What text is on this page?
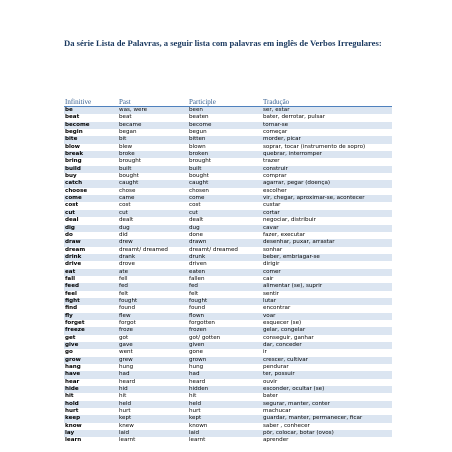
Da série Lista de Palavras, a seguir lista com palavras em inglês de Verbos Irregulares:
Infinitive	Past	Participle	Tradução
be	was, were	been	ser, estar
beat	beat	beaten	bater, derrotar, pulsar
become	became	become	tornar-se
begin	began	begun	começar
bite	bit	bitten	morder, picar
blow	blew	blown	soprar, tocar (instrumento de sopro)
break	broke	broken	quebrar, interromper
bring	brought	brought	trazer
build	built	built	construir
buy	bought	bought	comprar
catch	caught	caught	agarrar, pegar (doença)
choose	chose	chosen	escolher
come	came	come	vir, chegar, aproximar-se, acontecer
cost	cost	cost	custar
cut	cut	cut	cortar
deal	dealt	dealt	negociar, distribuir
dig	dug	dug	cavar
do	did	done	fazer, executar
draw	drew	drawn	desenhar, puxar, arrastar
dream	dreamt/ dreamed	dreamt/ dreamed	sonhar
drink	drank	drunk	beber, embriagar-se
drive	drove	driven	dirigir
eat	ate	eaten	comer
fall	fell	fallen	cair
feed	fed	fed	alimentar (se), suprir
feel	felt	felt	sentir
fight	fought	fought	lutar
find	found	found	encontrar
fly	flew	flown	voar
forget	forgot	forgotten	esquecer (se)
freeze	froze	frozen	gelar, congelar
get	got	got/ gotten	conseguir, ganhar
give	gave	given	dar, conceder
go	went	gone	ir
grow	grew	grown	crescer, cultivar
hang	hung	hung	pendurar
have	had	had	ter, possuir
hear	heard	heard	ouvir
hide	hid	hidden	esconder, ocultar (se)
hit	hit	hit	bater
hold	held	held	segurar, manter, conter
hurt	hurt	hurt	machucar
keep	kept	kept	guardar, manter, permanecer, ficar
know	knew	known	saber , conhecer
lay	laid	laid	pôr, colocar, botar (ovos)
learn	learnt	learnt	aprender
